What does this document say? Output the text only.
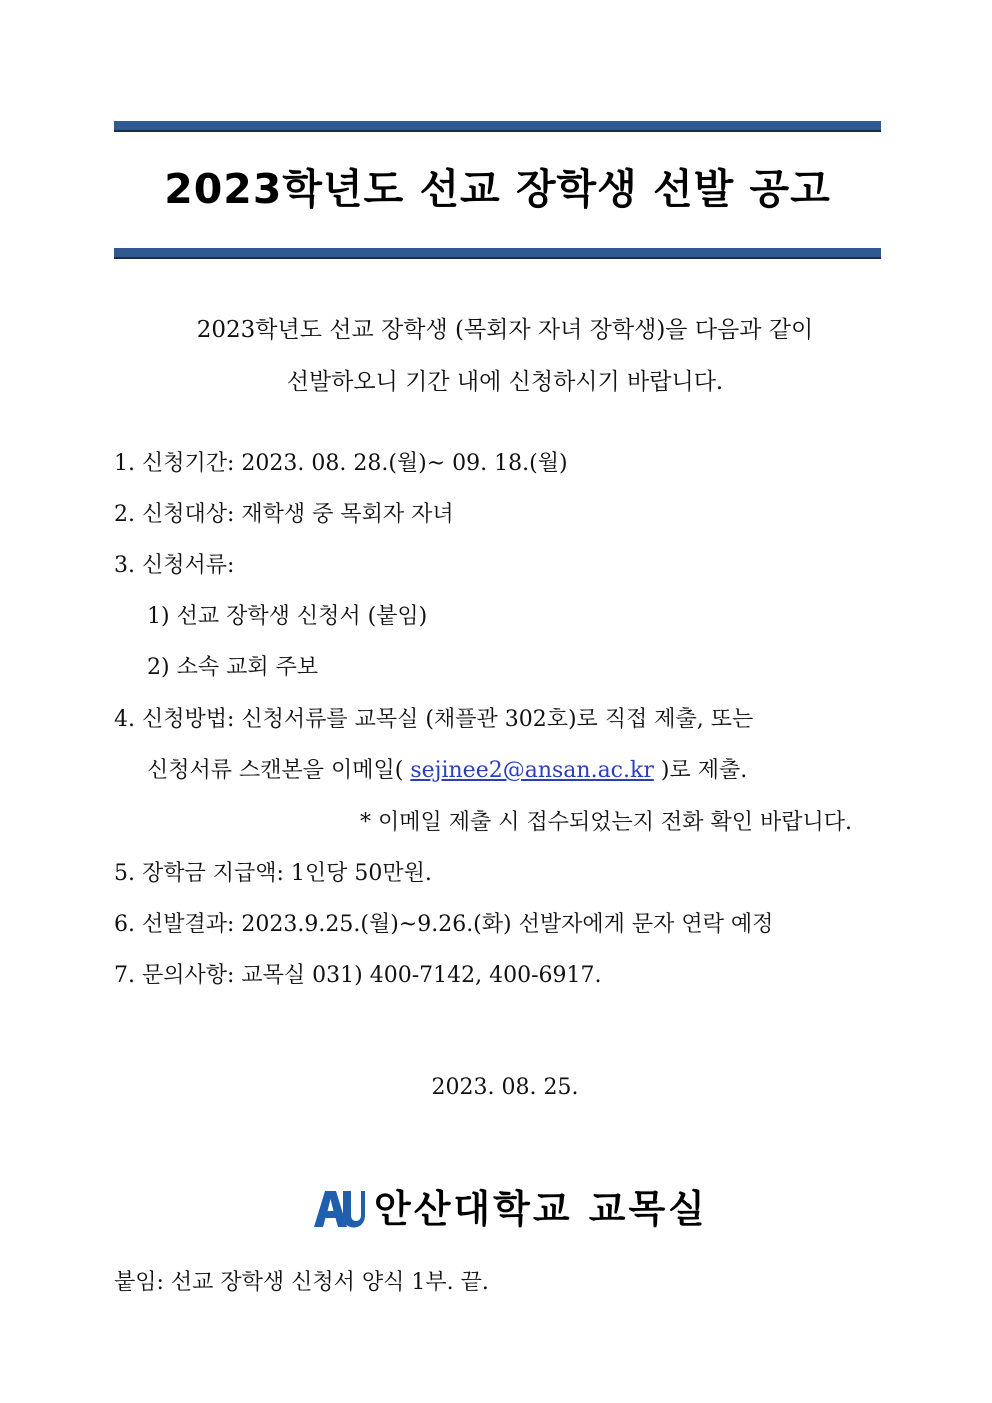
2023학년도 선교 장학생 선발 공고
2023학년도 선교 장학생 (목회자 자녀 장학생)을 다음과 같이
선발하오니 기간 내에 신청하시기 바랍니다.
1. 신청기간: 2023. 08. 28.(월)~ 09. 18.(월)
2. 신청대상: 재학생 중 목회자 자녀
3. 신청서류:
1) 선교 장학생 신청서 (붙임)
2) 소속 교회 주보
4. 신청방법: 신청서류를 교목실 (채플관 302호)로 직접 제출, 또는
신청서류 스캔본을 이메일( sejinee2@ansan.ac.kr )로 제출.
* 이메일 제출 시 접수되었는지 전화 확인 바랍니다.
5. 장학금 지급액: 1인당 50만원.
6. 선발결과: 2023.9.25.(월)~9.26.(화) 선발자에게 문자 연락 예정
7. 문의사항: 교목실 031) 400-7142, 400-6917.
2023. 08. 25.
안산대학교 교목실
붙임: 선교 장학생 신청서 양식 1부. 끝.
